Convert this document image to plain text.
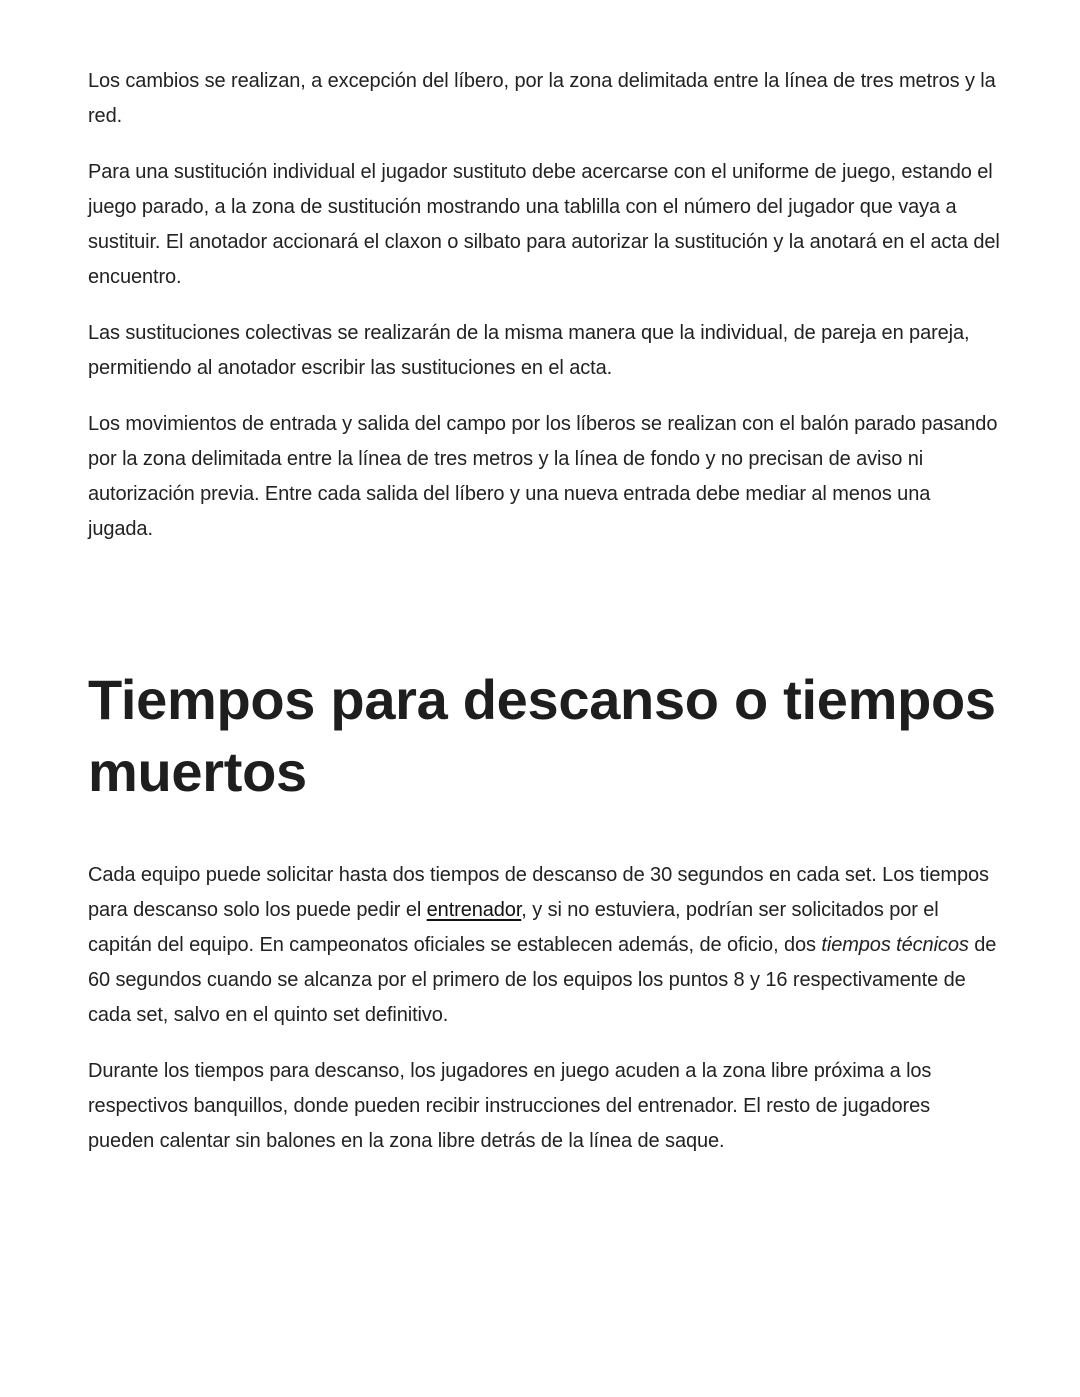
Los cambios se realizan, a excepción del líbero, por la zona delimitada entre la línea de tres metros y la red.

Para una sustitución individual el jugador sustituto debe acercarse con el uniforme de juego, estando el juego parado, a la zona de sustitución mostrando una tablilla con el número del jugador que vaya a sustituir. El anotador accionará el claxon o silbato para autorizar la sustitución y la anotará en el acta del encuentro.

Las sustituciones colectivas se realizarán de la misma manera que la individual, de pareja en pareja, permitiendo al anotador escribir las sustituciones en el acta.

Los movimientos de entrada y salida del campo por los líberos se realizan con el balón parado pasando por la zona delimitada entre la línea de tres metros y la línea de fondo y no precisan de aviso ni autorización previa. Entre cada salida del líbero y una nueva entrada debe mediar al menos una jugada.

Tiempos para descanso o tiempos muertos

Cada equipo puede solicitar hasta dos tiempos de descanso de 30 segundos en cada set. Los tiempos para descanso solo los puede pedir el entrenador, y si no estuviera, podrían ser solicitados por el capitán del equipo. En campeonatos oficiales se establecen además, de oficio, dos tiempos técnicos de 60 segundos cuando se alcanza por el primero de los equipos los puntos 8 y 16 respectivamente de cada set, salvo en el quinto set definitivo.

Durante los tiempos para descanso, los jugadores en juego acuden a la zona libre próxima a los respectivos banquillos, donde pueden recibir instrucciones del entrenador. El resto de jugadores pueden calentar sin balones en la zona libre detrás de la línea de saque.
